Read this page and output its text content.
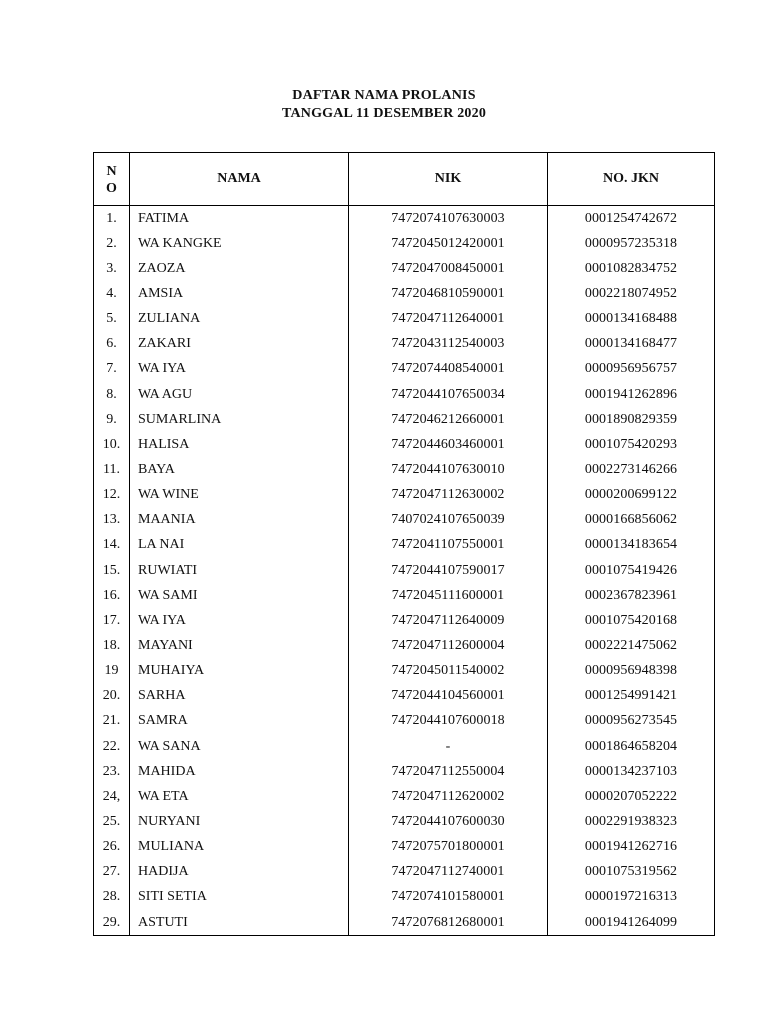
DAFTAR NAMA PROLANIS
TANGGAL 11 DESEMBER 2020
N
O	NAMA	NIK	NO. JKN
1.	FATIMA	7472074107630003	0001254742672
2.	WA KANGKE	7472045012420001	0000957235318
3.	ZAOZA	7472047008450001	0001082834752
4.	AMSIA	7472046810590001	0002218074952
5.	ZULIANA	7472047112640001	0000134168488
6.	ZAKARI	7472043112540003	0000134168477
7.	WA IYA	7472074408540001	0000956956757
8.	WA AGU	7472044107650034	0001941262896
9.	SUMARLINA	7472046212660001	0001890829359
10.	HALISA	7472044603460001	0001075420293
11.	BAYA	7472044107630010	0002273146266
12.	WA WINE	7472047112630002	0000200699122
13.	MAANIA	7407024107650039	0000166856062
14.	LA NAI	7472041107550001	0000134183654
15.	RUWIATI	7472044107590017	0001075419426
16.	WA SAMI	7472045111600001	0002367823961
17.	WA IYA	7472047112640009	0001075420168
18.	MAYANI	7472047112600004	0002221475062
19	MUHAIYA	7472045011540002	0000956948398
20.	SARHA	7472044104560001	0001254991421
21.	SAMRA	7472044107600018	0000956273545
22.	WA SANA	-	0001864658204
23.	MAHIDA	7472047112550004	0000134237103
24,	WA ETA	7472047112620002	0000207052222
25.	NURYANI	7472044107600030	0002291938323
26.	MULIANA	7472075701800001	0001941262716
27.	HADIJA	7472047112740001	0001075319562
28.	SITI SETIA	7472074101580001	0000197216313
29.	ASTUTI	7472076812680001	0001941264099
